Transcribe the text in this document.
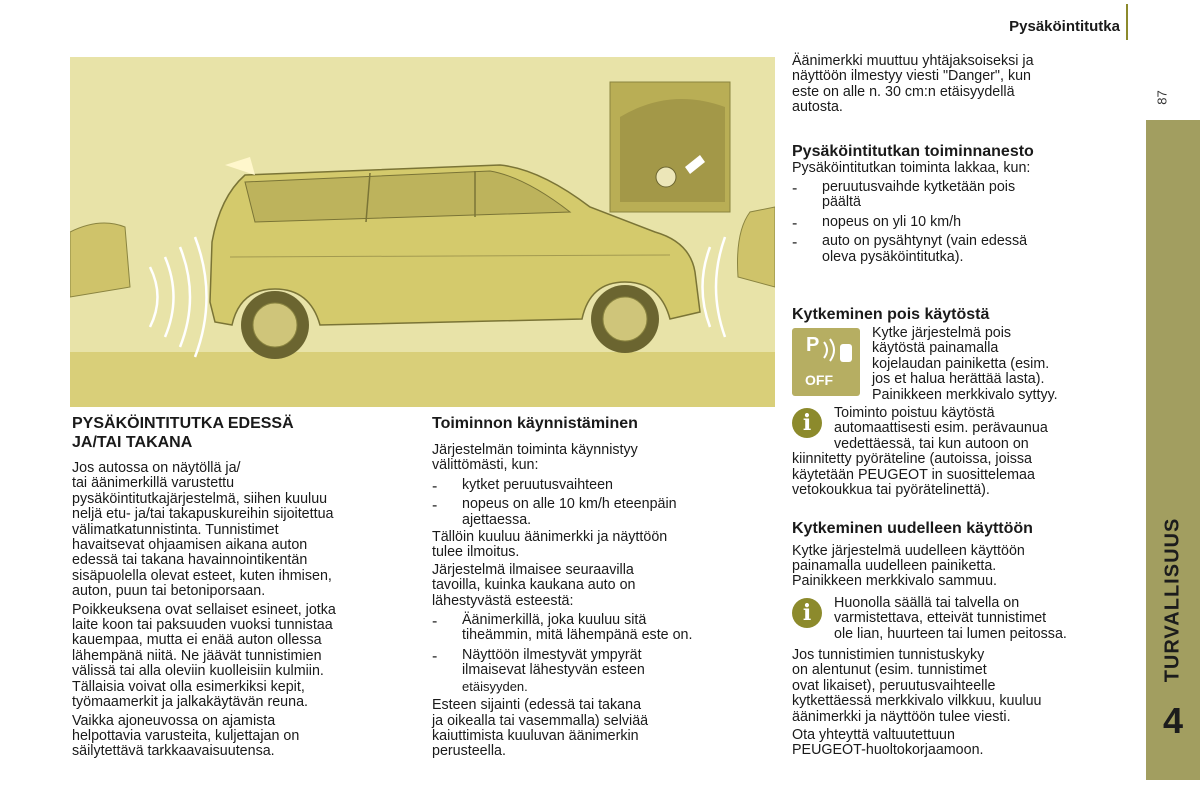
Pysäköintitutka
87
TURVALLISUUS
4

PYSÄKÖINTITUTKA EDESSÄ

JA/TAI TAKANA

Jos autossa on näytöllä ja/

tai äänimerkillä varustettu

pysäköintitutkajärjestelmä, siihen kuuluu

neljä etu- ja/tai takapuskureihin sijoitettua

välimatkatunnistinta. Tunnistimet

havaitsevat ohjaamisen aikana auton

edessä tai takana havainnointikentän

sisäpuolella olevat esteet, kuten ihmisen,

auton, puun tai betoniporsaan.

Poikkeuksena ovat sellaiset esineet, jotka

laite koon tai paksuuden vuoksi tunnistaa

kauempaa, mutta ei enää auton ollessa

lähempänä niitä. Ne jäävät tunnistimien

välissä tai alla oleviin kuolleisiin kulmiin.

Tällaisia voivat olla esimerkiksi kepit,

työmaamerkit ja jalkakäytävän reuna.

Vaikka ajoneuvossa on ajamista

helpottavia varusteita, kuljettajan on

säilytettävä tarkkaavaisuutensa.

Toiminnon käynnistäminen

Järjestelmän toiminta käynnistyy

välittömästi, kun:

- kytket peruutusvaihteen

- nopeus on alle 10 km/h eteenpäin

ajettaessa.

Tällöin kuuluu äänimerkki ja näyttöön

tulee ilmoitus.

Järjestelmä ilmaisee seuraavilla

tavoilla, kuinka kaukana auto on

lähestyvästä esteestä:

- Äänimerkillä, joka kuuluu sitä

tiheämmin, mitä lähempänä este on.

- Näyttöön ilmestyvät ympyrät

ilmaisevat lähestyvän esteen

etäisyyden.

Esteen sijainti (edessä tai takana

ja oikealla tai vasemmalla) selviää

kaiuttimista kuuluvan äänimerkin

perusteella.

Äänimerkki muuttuu yhtäjaksoiseksi ja

näyttöön ilmestyy viesti "Danger", kun

este on alle n. 30 cm:n etäisyydellä

autosta.

Pysäköintitutkan toiminnanesto

Pysäköintitutkan toiminta lakkaa, kun:

- peruutusvaihde kytketään pois

päältä

- nopeus on yli 10 km/h

- auto on pysähtynyt (vain edessä

oleva pysäköintitutka).

Kytkeminen pois käytöstä

P
OFF

Kytke järjestelmä pois

käytöstä painamalla

kojelaudan painiketta (esim.

jos et halua herättää lasta).

Painikkeen merkkivalo syttyy.

i	Toiminto poistuu käytöstä

automaattisesti esim. perävaunua

vedettäessä, tai kun autoon on

kiinnitetty pyöräteline (autoissa, joissa

käytetään PEUGEOT in suosittelemaa

vetokoukkua tai pyörätelinettä).

Kytkeminen uudelleen käyttöön

Kytke järjestelmä uudelleen käyttöön

painamalla uudelleen painiketta.

Painikkeen merkkivalo sammuu.

i	Huonolla säällä tai talvella on

varmistettava, etteivät tunnistimet

ole lian, huurteen tai lumen peitossa.

Jos tunnistimien tunnistuskyky

on alentunut (esim. tunnistimet

ovat likaiset), peruutusvaihteelle

kytkettäessä merkkivalo vilkkuu, kuuluu

äänimerkki ja näyttöön tulee viesti.

Ota yhteyttä valtuutettuun

PEUGEOT-huoltokorjaamoon.
